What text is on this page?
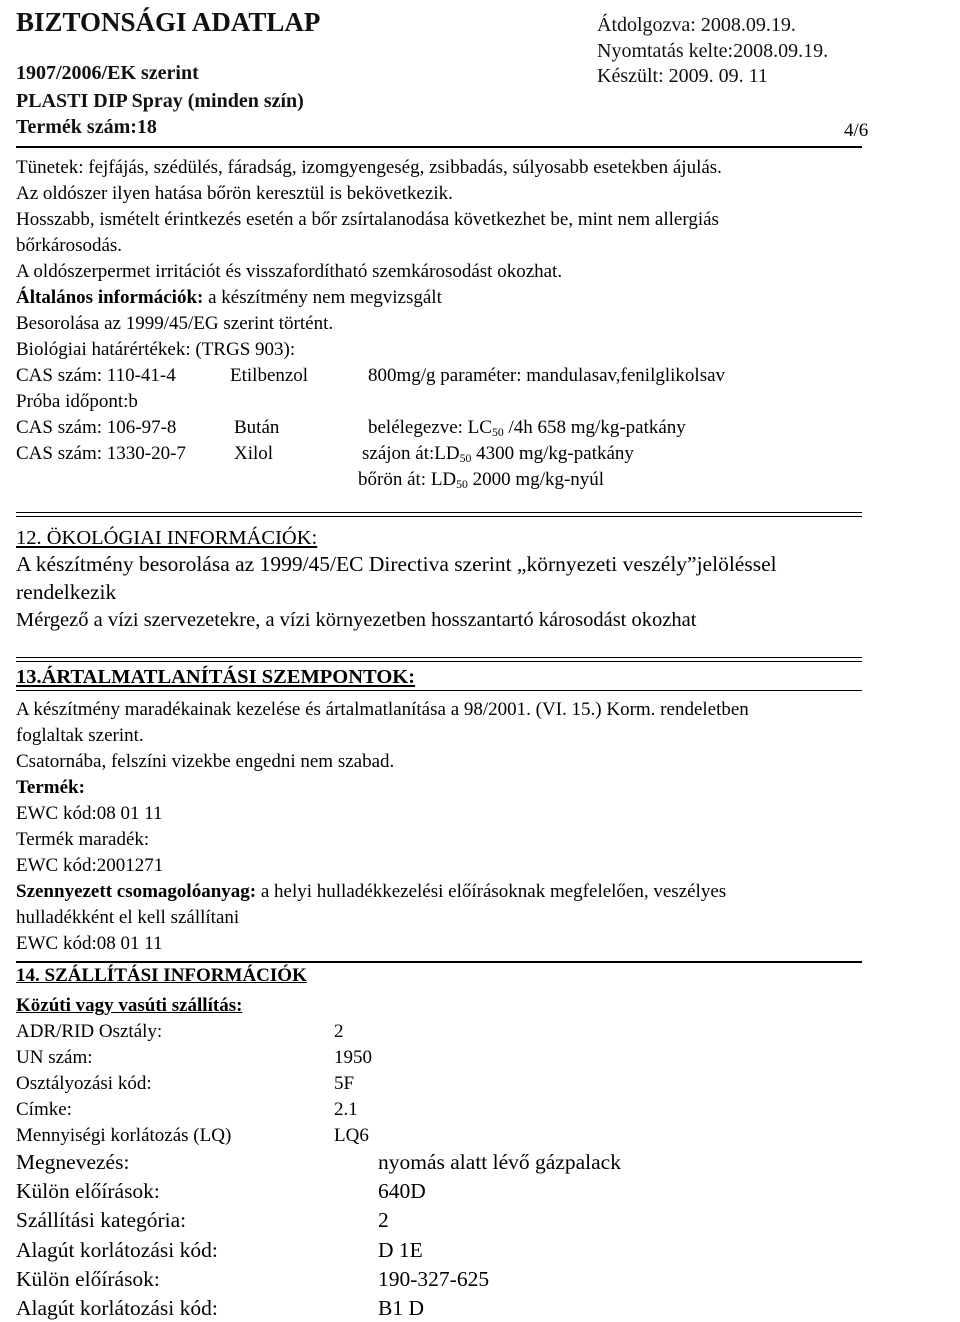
BIZTONSÁGI ADATLAP
1907/2006/EK szerint
PLASTI DIP Spray (minden szín)
Termék szám:18
Átdolgozva: 2008.09.19.
Nyomtatás kelte:2008.09.19.
Készült: 2009. 09. 11
4/6
Tünetek: fejfájás, szédülés, fáradság, izomgyengeség, zsibbadás, súlyosabb esetekben ájulás.
Az oldószer ilyen hatása bőrön keresztül is bekövetkezik.
Hosszabb, ismételt érintkezés esetén a bőr zsírtalanodása következhet be, mint nem allergiás
bőrkárosodás.
A oldószerpermet irritációt és visszafordítható szemkárosodást okozhat.
Általános információk: a készítmény nem megvizsgált
Besorolása az 1999/45/EG szerint történt.
Biológiai határértékek: (TRGS 903):
CAS szám: 110-41-4	Etilbenzol	800mg/g paraméter: mandulasav,fenilglikolsav
Próba időpont:b
CAS szám: 106-97-8	Bután	belélegezve: $LC_{50}$ /4h 658 mg/kg-patkány
CAS szám: 1330-20-7	Xilol	szájon $át:LD_{50}$ 4300 mg/kg-patkány
bőrön át: $LD_{50}$ 2000 mg/kg-nyúl
12. ÖKOLÓGIAI INFORMÁCIÓK:
A készítmény besorolása az 1999/45/EC Directiva szerint „környezeti veszély”jelöléssel
rendelkezik
Mérgező a vízi szervezetekre, a vízi környezetben hosszantartó károsodást okozhat
13.ÁRTALMATLANÍTÁSI SZEMPONTOK:
A készítmény maradékainak kezelése és ártalmatlanítása a 98/2001. (VI. 15.) Korm. rendeletben
foglaltak szerint.
Csatornába, felszíni vizekbe engedni nem szabad.
Termék:
EWC kód:08 01 11
Termék maradék:
EWC kód:2001271
Szennyezett csomagolóanyag: a helyi hulladékkezelési előírásoknak megfelelően, veszélyes
hulladékként el kell szállítani
EWC kód:08 01 11
14. SZÁLLÍTÁSI INFORMÁCIÓK
Közúti vagy vasúti szállítás:
ADR/RID Osztály:	2
UN szám:	1950
Osztályozási kód:	5F
Címke:	2.1
Mennyiségi korlátozás (LQ)	LQ6
Megnevezés:	nyomás alatt lévő gázpalack
Külön előírások:	640D
Szállítási kategória:	2
Alagút korlátozási kód:	D 1E
Külön előírások:	190-327-625
Alagút korlátozási kód:	B1 D
